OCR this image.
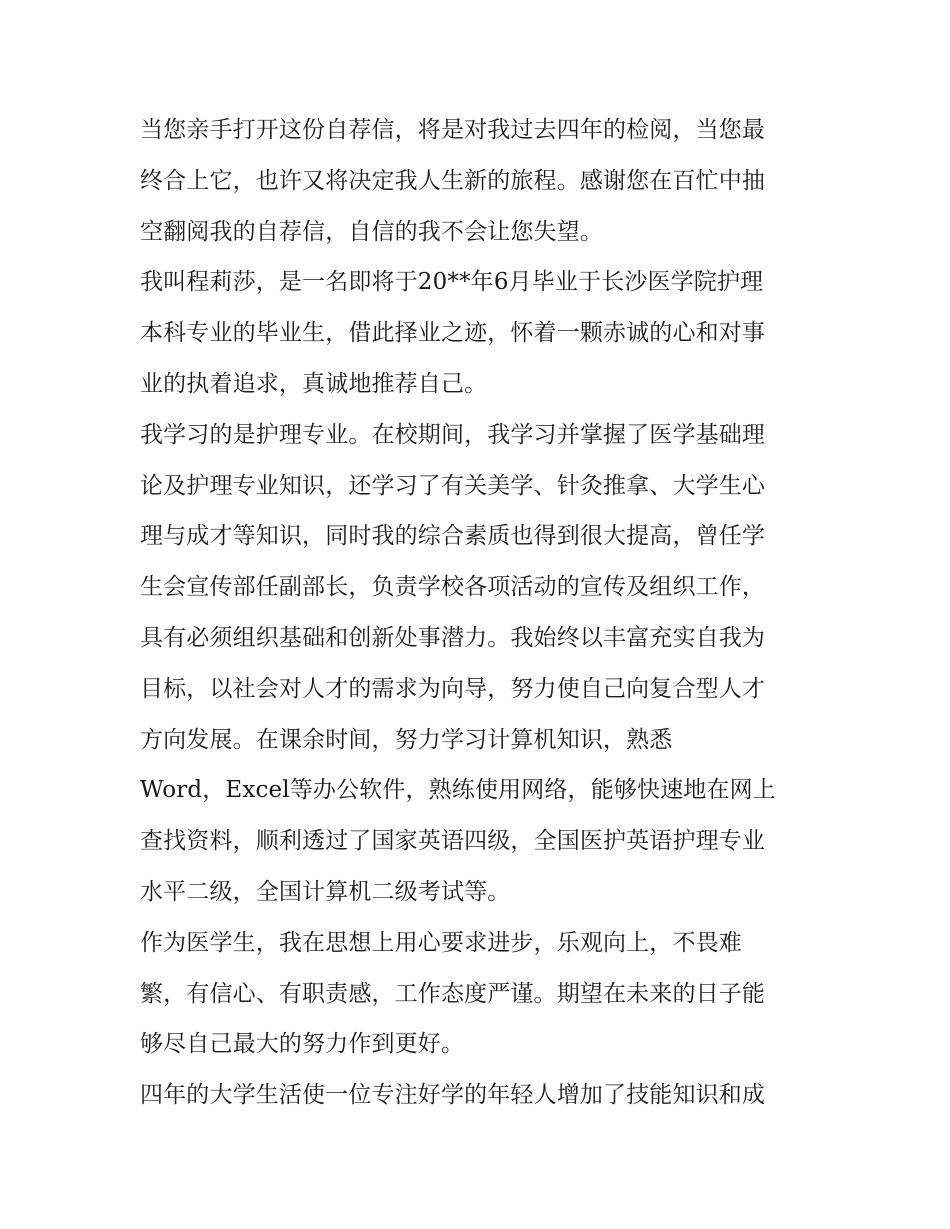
当您亲手打开这份自荐信，将是对我过去四年的检阅，当您最
终合上它，也许又将决定我人生新的旅程。感谢您在百忙中抽
空翻阅我的自荐信，自信的我不会让您失望。
我叫程莉莎，是一名即将于20**年6月毕业于长沙医学院护理
本科专业的毕业生，借此择业之迹，怀着一颗赤诚的心和对事
业的执着追求，真诚地推荐自己。
我学习的是护理专业。在校期间，我学习并掌握了医学基础理
论及护理专业知识，还学习了有关美学、针灸推拿、大学生心
理与成才等知识，同时我的综合素质也得到很大提高，曾任学
生会宣传部任副部长，负责学校各项活动的宣传及组织工作，
具有必须组织基础和创新处事潜力。我始终以丰富充实自我为
目标，以社会对人才的需求为向导，努力使自己向复合型人才
方向发展。在课余时间，努力学习计算机知识，熟悉
Word，Excel等办公软件，熟练使用网络，能够快速地在网上
查找资料，顺利透过了国家英语四级，全国医护英语护理专业
水平二级，全国计算机二级考试等。
作为医学生，我在思想上用心要求进步，乐观向上，不畏难
繁，有信心、有职责感，工作态度严谨。期望在未来的日子能
够尽自己最大的努力作到更好。
四年的大学生活使一位专注好学的年轻人增加了技能知识和成
